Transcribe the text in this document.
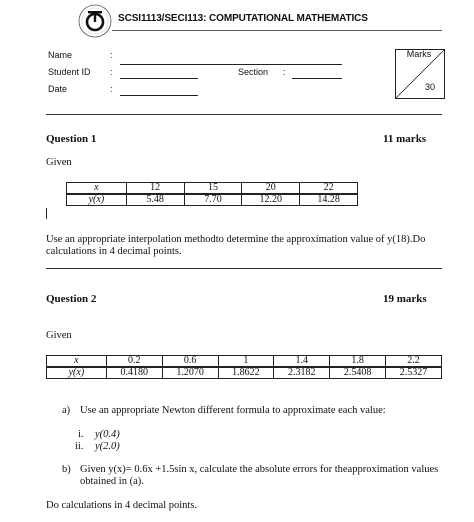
SCSI1113/SECI113: COMPUTATIONAL MATHEMATICS
Name	:
Student ID :	Section :
Date	:
Marks
30
Question 1	11 marks
Given
x	12	15	20	22
y(x)	5.48	7.70	12.20	14.28
Use an appropriate interpolation methodto determine the approximation value of y(18).Do calculations in 4 decimal points.
Question 2	19 marks
Given
x	0.2	0.6	1	1.4	1.8	2.2
y(x)	0.4180	1.2070	1.8622	2.3182	2.5408	2.5327
a) Use an appropriate Newton different formula to approximate each value:
i. y(0.4)
ii. y(2.0)
b) Given y(x)= 0.6x +1.5sin x, calculate the absolute errors for theapproximation values obtained in (a).
Do calculations in 4 decimal points.
